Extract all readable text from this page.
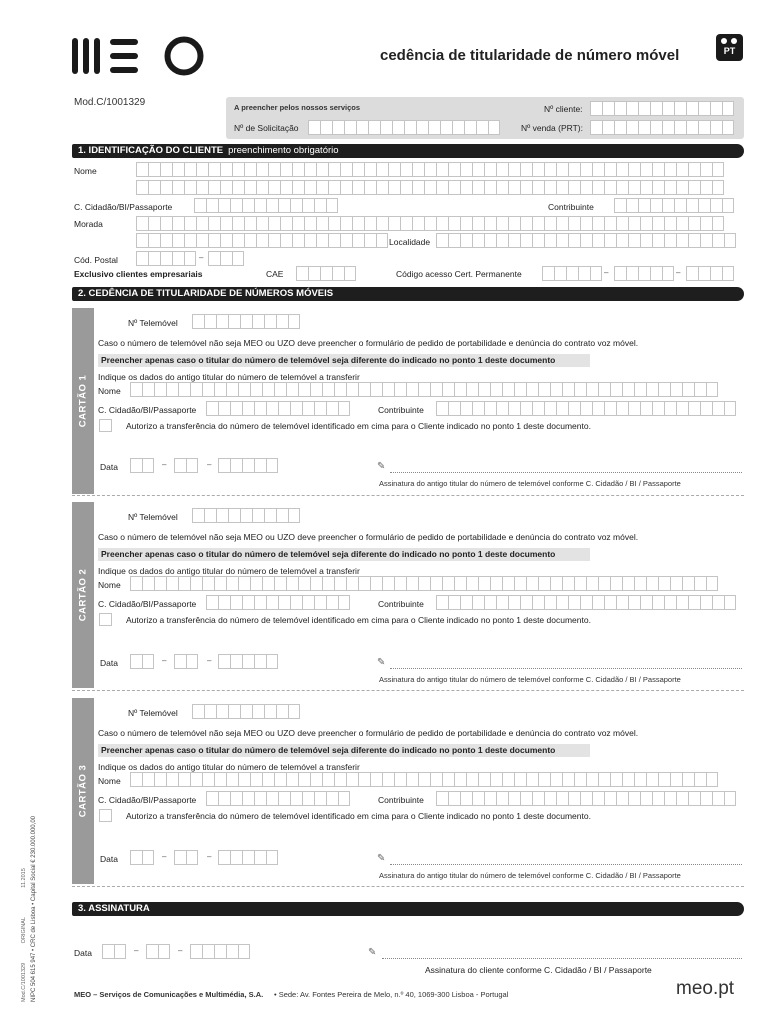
cedência de titularidade de número móvel	PT
Mod.C/1001329	A preencher pelos nossos serviços	Nº cliente:
Nº de Solicitação	Nº venda (PRT):
1. IDENTIFICAÇÃO DO CLIENTE preenchimento obrigatório
Nome
C. Cidadão/BI/Passaporte	Contribuinte
Morada
Localidade
Cód. Postal	–
Exclusivo clientes empresariais	CAE	Código acesso Cert. Permanente	–	–
2. CEDÊNCIA DE TITULARIDADE DE NÚMEROS MÓVEIS
CARTÃO 1
Nº Telemóvel
Caso o número de telemóvel não seja MEO ou UZO deve preencher o formulário de pedido de portabilidade e denúncia do contrato voz móvel.
Preencher apenas caso o titular do número de telemóvel seja diferente do indicado no ponto 1 deste documento
Indique os dados do antigo titular do número de telemóvel a transferir
Nome
C. Cidadão/BI/Passaporte	Contribuinte
Autorizo a transferência do número de telemóvel identificado em cima para o Cliente indicado no ponto 1 deste documento.
Data	–	–	✎
Assinatura do antigo titular do número de telemóvel conforme C. Cidadão / BI / Passaporte
CARTÃO 2
Nº Telemóvel
Caso o número de telemóvel não seja MEO ou UZO deve preencher o formulário de pedido de portabilidade e denúncia do contrato voz móvel.
Preencher apenas caso o titular do número de telemóvel seja diferente do indicado no ponto 1 deste documento
Indique os dados do antigo titular do número de telemóvel a transferir
Nome
C. Cidadão/BI/Passaporte	Contribuinte
Autorizo a transferência do número de telemóvel identificado em cima para o Cliente indicado no ponto 1 deste documento.
Data	–	–	✎
Assinatura do antigo titular do número de telemóvel conforme C. Cidadão / BI / Passaporte
CARTÃO 3
Nº Telemóvel
Caso o número de telemóvel não seja MEO ou UZO deve preencher o formulário de pedido de portabilidade e denúncia do contrato voz móvel.
Preencher apenas caso o titular do número de telemóvel seja diferente do indicado no ponto 1 deste documento
Indique os dados do antigo titular do número de telemóvel a transferir
Nome
C. Cidadão/BI/Passaporte	Contribuinte
Autorizo a transferência do número de telemóvel identificado em cima para o Cliente indicado no ponto 1 deste documento.
Data	–	–	✎
Assinatura do antigo titular do número de telemóvel conforme C. Cidadão / BI / Passaporte
3. ASSINATURA
Data	–	–	✎
Assinatura do cliente conforme C. Cidadão / BI / Passaporte
MEO – Serviços de Comunicações e Multimédia, S.A. • Sede: Av. Fontes Pereira de Melo, n.º 40, 1069-300 Lisboa - Portugal	meo.pt
NIPC 504 615 947 • CRC de Lisboa • Capital Social € 230.000.000,00
Mod.C/1001329 ORIGINAL 11.2015
